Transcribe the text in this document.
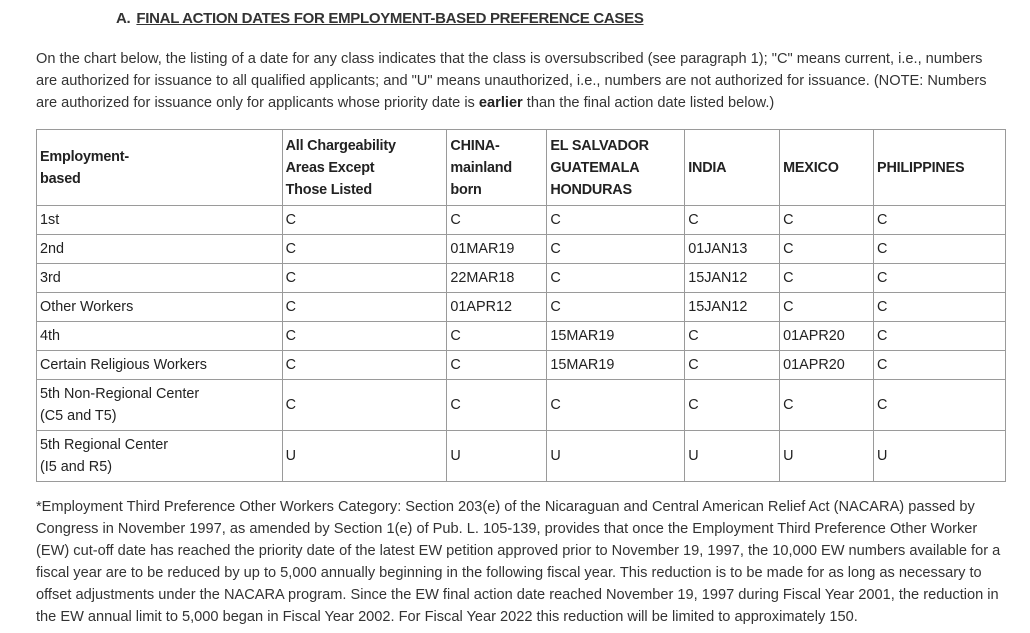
A. FINAL ACTION DATES FOR EMPLOYMENT-BASED PREFERENCE CASES

On the chart below, the listing of a date for any class indicates that the class is oversubscribed (see paragraph 1); "C" means current, i.e., numbers are authorized for issuance to all qualified applicants; and "U" means unauthorized, i.e., numbers are not authorized for issuance. (NOTE: Numbers are authorized for issuance only for applicants whose priority date is earlier than the final action date listed below.)

Employment-
based	All Chargeability
Areas Except
Those Listed	CHINA-
mainland
born	EL SALVADOR
GUATEMALA
HONDURAS	INDIA	MEXICO	PHILIPPINES
1st	C	C	C	C	C	C
2nd	C	01MAR19	C	01JAN13	C	C
3rd	C	22MAR18	C	15JAN12	C	C
Other Workers	C	01APR12	C	15JAN12	C	C
4th	C	C	15MAR19	C	01APR20	C
Certain Religious Workers	C	C	15MAR19	C	01APR20	C
5th Non-Regional Center
(C5 and T5)	C	C	C	C	C	C
5th Regional Center
(I5 and R5)	U	U	U	U	U	U

*Employment Third Preference Other Workers Category: Section 203(e) of the Nicaraguan and Central American Relief Act (NACARA) passed by Congress in November 1997, as amended by Section 1(e) of Pub. L. 105-139, provides that once the Employment Third Preference Other Worker (EW) cut-off date has reached the priority date of the latest EW petition approved prior to November 19, 1997, the 10,000 EW numbers available for a fiscal year are to be reduced by up to 5,000 annually beginning in the following fiscal year. This reduction is to be made for as long as necessary to offset adjustments under the NACARA program. Since the EW final action date reached November 19, 1997 during Fiscal Year 2001, the reduction in the EW annual limit to 5,000 began in Fiscal Year 2002. For Fiscal Year 2022 this reduction will be limited to approximately 150.
